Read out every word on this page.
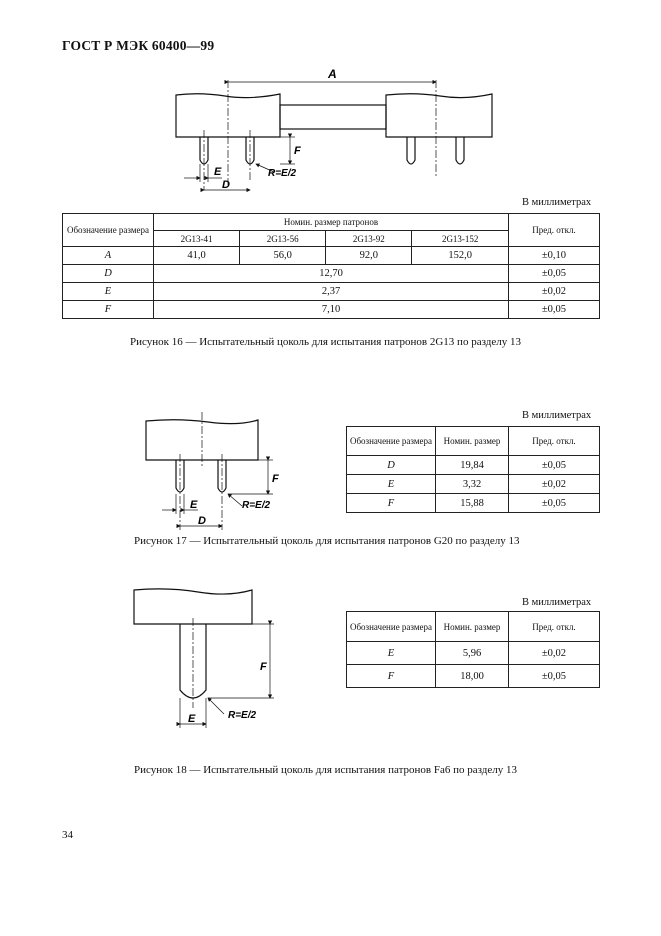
ГОСТ Р МЭК 60400—99
A
F
E
D
R=E/2
В миллиметрах
Обозначение размера	Номин. размер патронов				Пред. откл.
	2G13-41	2G13-56	2G13-92	2G13-152	
A	41,0	56,0	92,0	152,0	±0,10
D	12,70				±0,05
E	2,37				±0,02
F	7,10				±0,05
Рисунок 16 — Испытательный цоколь для испытания патронов 2G13 по разделу 13
F
E
D
R=E/2
В миллиметрах
Обозначение размера	Номин. размер	Пред. откл.
D	19,84	±0,05
E	3,32	±0,02
F	15,88	±0,05
Рисунок 17 — Испытательный цоколь для испытания патронов G20 по разделу 13
F
E	R=E/2
В миллиметрах
Обозначение размера	Номин. размер	Пред. откл.
E	5,96	±0,02
F	18,00	±0,05
Рисунок 18 — Испытательный цоколь для испытания патронов Fa6 по разделу 13
34
